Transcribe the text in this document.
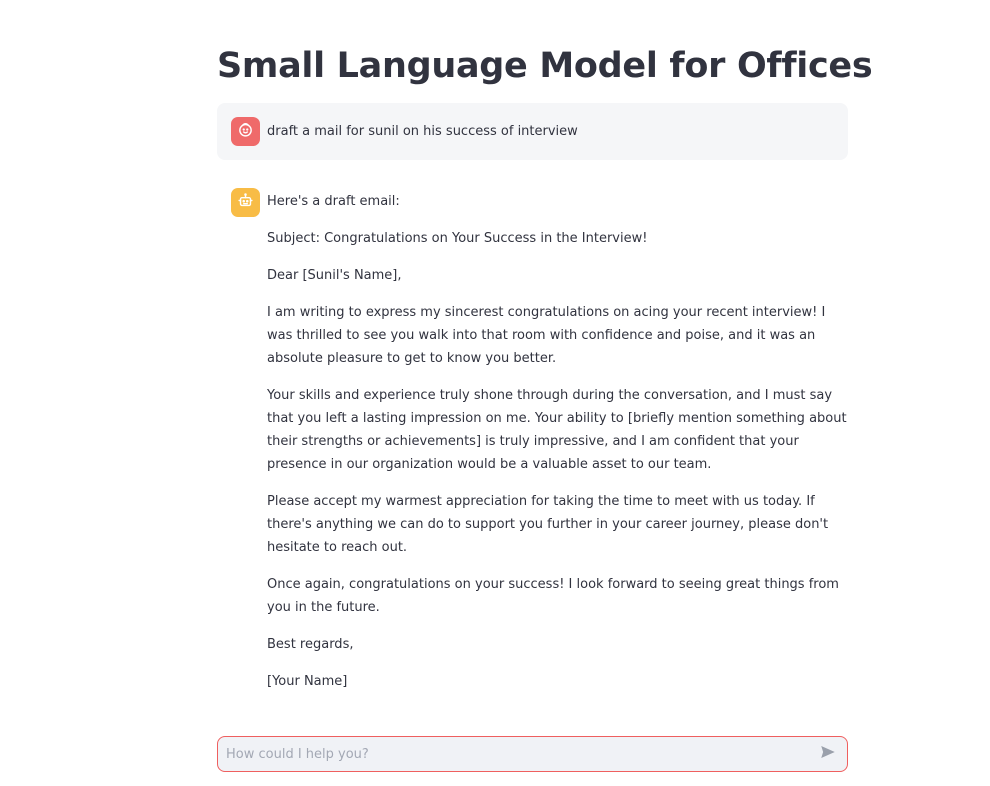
Small Language Model for Offices
draft a mail for sunil on his success of interview

Here's a draft email:

Subject: Congratulations on Your Success in the Interview!

Dear [Sunil's Name],

I am writing to express my sincerest congratulations on acing your recent interview! I was thrilled to see you walk into that room with confidence and poise, and it was an absolute pleasure to get to know you better.

Your skills and experience truly shone through during the conversation, and I must say that you left a lasting impression on me. Your ability to [briefly mention something about their strengths or achievements] is truly impressive, and I am confident that your presence in our organization would be a valuable asset to our team.

Please accept my warmest appreciation for taking the time to meet with us today. If there's anything we can do to support you further in your career journey, please don't hesitate to reach out.

Once again, congratulations on your success! I look forward to seeing great things from you in the future.

Best regards,

[Your Name]

How could I help you?
